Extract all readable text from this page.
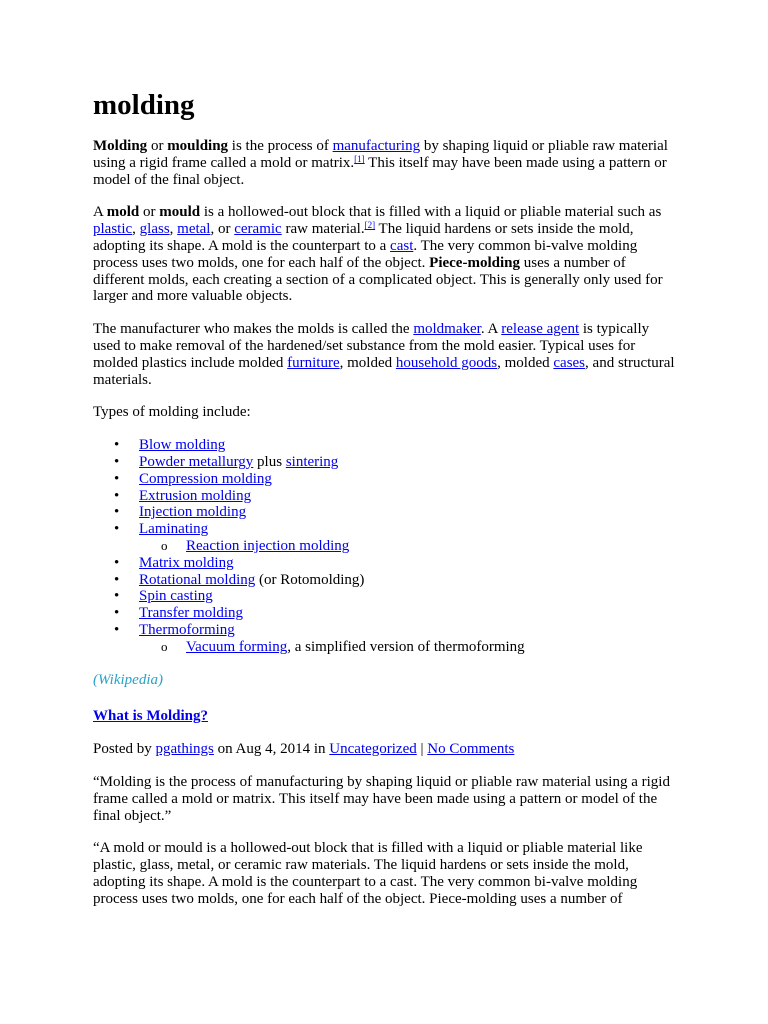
molding

Molding or moulding is the process of manufacturing by shaping liquid or pliable raw material using a rigid frame called a mold or matrix.[1] This itself may have been made using a pattern or model of the final object.

A mold or mould is a hollowed-out block that is filled with a liquid or pliable material such as plastic, glass, metal, or ceramic raw material.[2] The liquid hardens or sets inside the mold, adopting its shape. A mold is the counterpart to a cast. The very common bi-valve molding process uses two molds, one for each half of the object. Piece-molding uses a number of different molds, each creating a section of a complicated object. This is generally only used for larger and more valuable objects.

The manufacturer who makes the molds is called the moldmaker. A release agent is typically used to make removal of the hardened/set substance from the mold easier. Typical uses for molded plastics include molded furniture, molded household goods, molded cases, and structural materials.

Types of molding include:

• Blow molding
• Powder metallurgy plus sintering
• Compression molding
• Extrusion molding
• Injection molding
• Laminating
o Reaction injection molding
• Matrix molding
• Rotational molding (or Rotomolding)
• Spin casting
• Transfer molding
• Thermoforming
o Vacuum forming, a simplified version of thermoforming

(Wikipedia)

What is Molding?

Posted by pgathings on Aug 4, 2014 in Uncategorized | No Comments

“Molding is the process of manufacturing by shaping liquid or pliable raw material using a rigid frame called a mold or matrix. This itself may have been made using a pattern or model of the final object.”

“A mold or mould is a hollowed-out block that is filled with a liquid or pliable material like plastic, glass, metal, or ceramic raw materials. The liquid hardens or sets inside the mold, adopting its shape. A mold is the counterpart to a cast. The very common bi-valve molding process uses two molds, one for each half of the object. Piece-molding uses a number of
